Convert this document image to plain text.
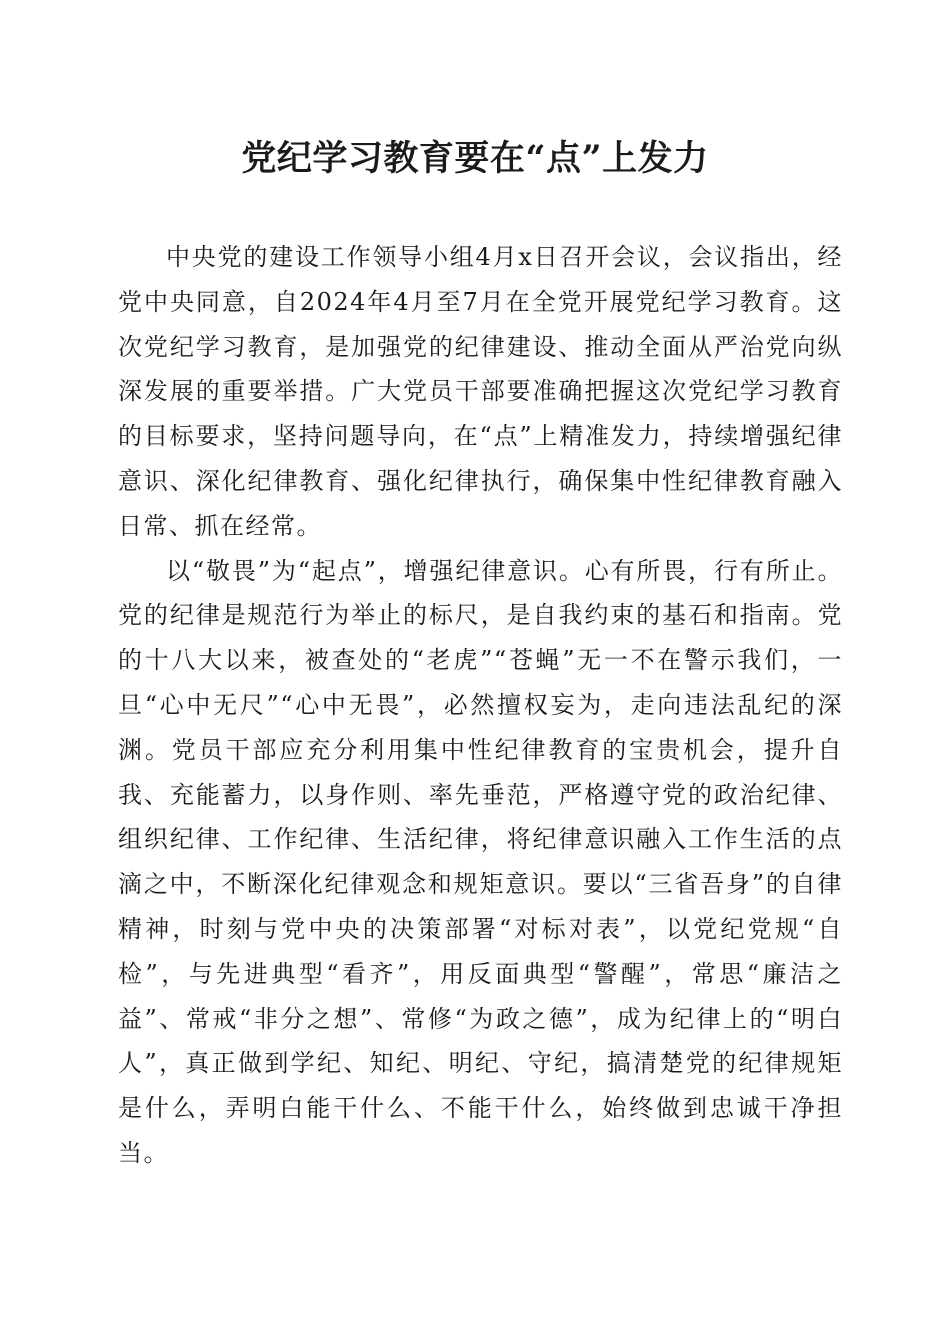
党纪学习教育要在“点”上发力

中央党的建设工作领导小组4月x日召开会议，会议指出，经党中央同意，自2024年4月至7月在全党开展党纪学习教育。这次党纪学习教育，是加强党的纪律建设、推动全面从严治党向纵深发展的重要举措。广大党员干部要准确把握这次党纪学习教育的目标要求，坚持问题导向，在“点”上精准发力，持续增强纪律意识、深化纪律教育、强化纪律执行，确保集中性纪律教育融入日常、抓在经常。

以“敬畏”为“起点”，增强纪律意识。心有所畏，行有所止。党的纪律是规范行为举止的标尺，是自我约束的基石和指南。党的十八大以来，被查处的“老虎”“苍蝇”无一不在警示我们，一旦“心中无尺”“心中无畏”，必然擅权妄为，走向违法乱纪的深渊。党员干部应充分利用集中性纪律教育的宝贵机会，提升自我、充能蓄力，以身作则、率先垂范，严格遵守党的政治纪律、组织纪律、工作纪律、生活纪律，将纪律意识融入工作生活的点滴之中，不断深化纪律观念和规矩意识。要以“三省吾身”的自律精神，时刻与党中央的决策部署“对标对表”，以党纪党规“自检”，与先进典型“看齐”，用反面典型“警醒”，常思“廉洁之益”、常戒“非分之想”、常修“为政之德”，成为纪律上的“明白人”，真正做到学纪、知纪、明纪、守纪，搞清楚党的纪律规矩是什么，弄明白能干什么、不能干什么，始终做到忠诚干净担当。
